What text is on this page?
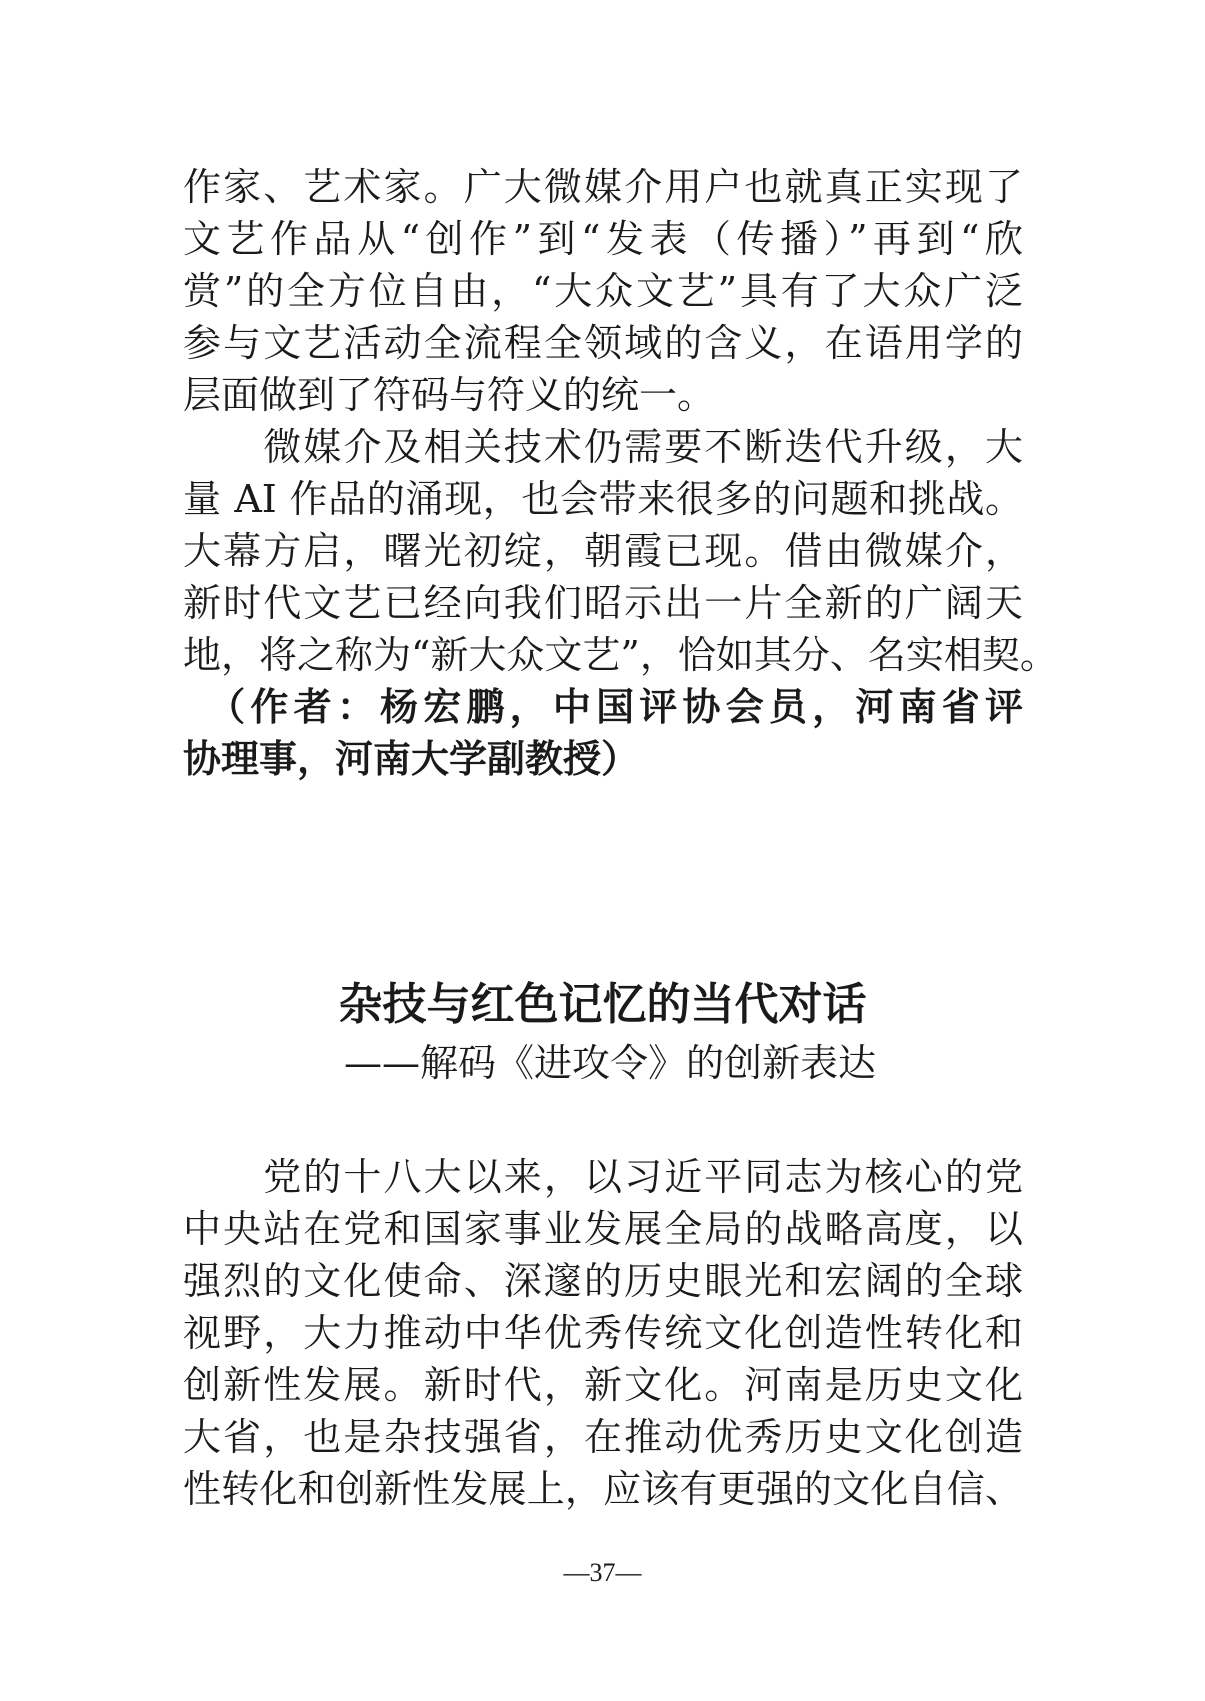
作家、艺术家。广大微媒介用户也就真正实现了
文艺作品从“创作”到“发表（传播）”再到“欣
赏”的全方位自由，“大众文艺”具有了大众广泛
参与文艺活动全流程全领域的含义，在语用学的
层面做到了符码与符义的统一。
　　微媒介及相关技术仍需要不断迭代升级，大
量 AI 作品的涌现，也会带来很多的问题和挑战。
大幕方启，曙光初绽，朝霞已现。借由微媒介，
新时代文艺已经向我们昭示出一片全新的广阔天
地，将之称为“新大众文艺”，恰如其分、名实相契。
　（作者：杨宏鹏，中国评协会员，河南省评
协理事，河南大学副教授）
杂技与红色记忆的当代对话
——解码《进攻令》的创新表达
　　党的十八大以来，以习近平同志为核心的党
中央站在党和国家事业发展全局的战略高度，以
强烈的文化使命、深邃的历史眼光和宏阔的全球
视野，大力推动中华优秀传统文化创造性转化和
创新性发展。新时代，新文化。河南是历史文化
大省，也是杂技强省，在推动优秀历史文化创造
性转化和创新性发展上，应该有更强的文化自信、
—37—
